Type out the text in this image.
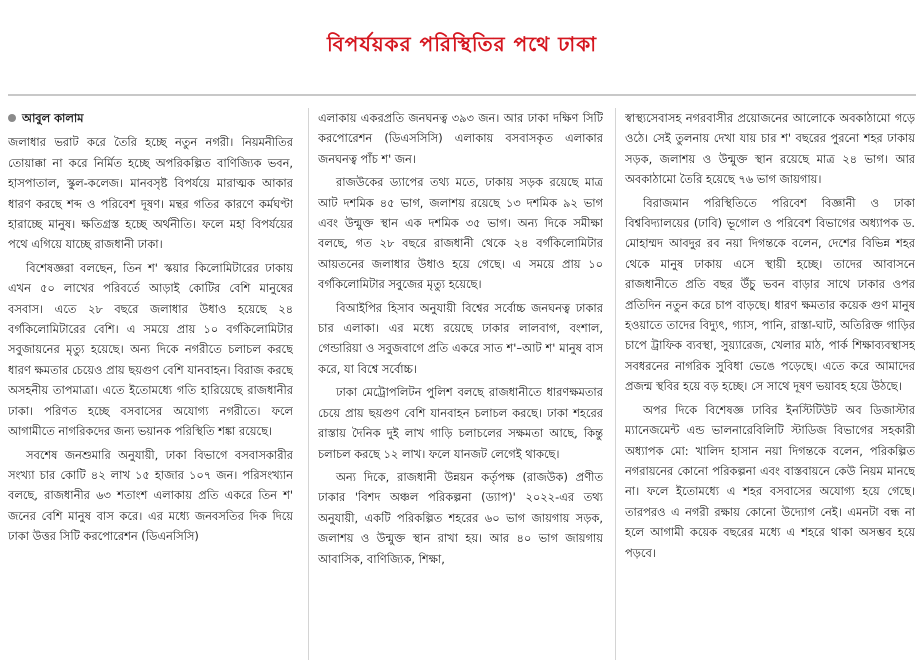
বিপর্যয়কর পরিস্থিতির পথে ঢাকা
আবুল কালাম

জলাধার ভরাট করে তৈরি হচ্ছে নতুন নগরী। নিয়মনীতির তোয়াক্কা না করে নির্মিত হচ্ছে অপরিকল্পিত বাণিজ্যিক ভবন, হাসপাতাল, স্কুল-কলেজ। মানবসৃষ্ট বিপর্যয়ে মারাত্মক আকার ধারণ করছে শব্দ ও পরিবেশ দূষণ। মন্থর গতির কারণে কর্মঘণ্টা হারাচ্ছে মানুষ। ক্ষতিগ্রস্ত হচ্ছে অর্থনীতি। ফলে মহা বিপর্যয়ের পথে এগিয়ে যাচ্ছে রাজধানী ঢাকা।

বিশেষজ্ঞরা বলছেন, তিন শ' স্কয়ার কিলোমিটারের ঢাকায় এখন ৫০ লাখের পরিবর্তে আড়াই কোটির বেশি মানুষের বসবাস। এতে ২৮ বছরে জলাধার উধাও হয়েছে ২৪ বর্গকিলোমিটারের বেশি। এ সময়ে প্রায় ১০ বর্গকিলোমিটার সবুজায়নের মৃত্যু হয়েছে। অন্য দিকে নগরীতে চলাচল করছে ধারণ ক্ষমতার চেয়েও প্রায় ছয়গুণ বেশি যানবাহন। বিরাজ করছে অসহনীয় তাপমাত্রা। এতে ইতোমধ্যে গতি হারিয়েছে রাজধানীর ঢাকা। পরিণত হচ্ছে বসবাসের অযোগ্য নগরীতে। ফলে আগামীতে নাগরিকদের জন্য ভয়ানক পরিস্থিতি শঙ্কা রয়েছে।

সবশেষ জনশুমারি অনুযায়ী, ঢাকা বিভাগে বসবাসকারীর সংখ্যা চার কোটি ৪২ লাখ ১৫ হাজার ১০৭ জন। পরিসংখ্যান বলছে, রাজধানীর ৬৩ শতাংশ এলাকায় প্রতি একরে তিন শ' জনের বেশি মানুষ বাস করে। এর মধ্যে জনবসতির দিক দিয়ে ঢাকা উত্তর সিটি করপোরেশন (ডিএনসিসি)

এলাকায় একরপ্রতি জনঘনত্ব ৩৯৩ জন। আর ঢাকা দক্ষিণ সিটি করপোরেশন (ডিএসসিসি) এলাকায় বসবাসকৃত এলাকার জনঘনত্ব পাঁচ শ' জন।

রাজউকের ড্যাপের তথ্য মতে, ঢাকায় সড়ক রয়েছে মাত্র আট দশমিক ৪৫ ভাগ, জলাশয় রয়েছে ১৩ দশমিক ৯২ ভাগ এবং উন্মুক্ত স্থান এক দশমিক ৩৫ ভাগ। অন্য দিকে সমীক্ষা বলছে, গত ২৮ বছরে রাজধানী থেকে ২৪ বর্গকিলোমিটার আয়তনের জলাধার উধাও হয়ে গেছে। এ সময়ে প্রায় ১০ বর্গকিলোমিটার সবুজের মৃত্যু হয়েছে।

বিআইপির হিসাব অনুযায়ী বিশ্বের সর্বোচ্চ জনঘনত্ব ঢাকার চার এলাকা। এর মধ্যে রয়েছে ঢাকার লালবাগ, বংশাল, গেন্ডারিয়া ও সবুজবাগে প্রতি একরে সাত শ'–আট শ' মানুষ বাস করে, যা বিশ্বে সর্বোচ্চ।

ঢাকা মেট্রোপলিটন পুলিশ বলছে রাজধানীতে ধারণক্ষমতার চেয়ে প্রায় ছয়গুণ বেশি যানবাহন চলাচল করছে। ঢাকা শহরের রাস্তায় দৈনিক দুই লাখ গাড়ি চলাচলের সক্ষমতা আছে, কিন্তু চলাচল করছে ১২ লাখ। ফলে যানজট লেগেই থাকছে।

অন্য দিকে, রাজধানী উন্নয়ন কর্তৃপক্ষ (রাজউক) প্রণীত ঢাকার 'বিশদ অঞ্চল পরিকল্পনা (ড্যাপ)' ২০২২-এর তথ্য অনুযায়ী, একটি পরিকল্পিত শহরের ৬০ ভাগ জায়গায় সড়ক, জলাশয় ও উন্মুক্ত স্থান রাখা হয়। আর ৪০ ভাগ জায়গায় আবাসিক, বাণিজ্যিক, শিক্ষা,

স্বাস্থ্যসেবাসহ নগরবাসীর প্রয়োজনের আলোকে অবকাঠামো গড়ে ওঠে। সেই তুলনায় দেখা যায় চার শ' বছরের পুরনো শহর ঢাকায় সড়ক, জলাশয় ও উন্মুক্ত স্থান রয়েছে মাত্র ২৪ ভাগ। আর অবকাঠামো তৈরি হয়েছে ৭৬ ভাগ জায়গায়।

বিরাজমান পরিস্থিতিতে পরিবেশ বিজ্ঞানী ও ঢাকা বিশ্ববিদ্যালয়ের (ঢাবি) ভূগোল ও পরিবেশ বিভাগের অধ্যাপক ড. মোহাম্মদ আবদুর রব নয়া দিগন্তকে বলেন, দেশের বিভিন্ন শহর থেকে মানুষ ঢাকায় এসে স্থায়ী হচ্ছে। তাদের আবাসনে রাজধানীতে প্রতি বছর উঁচু ভবন বাড়ার সাথে ঢাকার ওপর প্রতিদিন নতুন করে চাপ বাড়ছে। ধারণ ক্ষমতার কয়েক গুণ মানুষ হওয়াতে তাদের বিদ্যুৎ, গ্যাস, পানি, রাস্তা-ঘাট, অতিরিক্ত গাড়ির চাপে ট্রাফিক ব্যবস্থা, সুয়্যারেজ, খেলার মাঠ, পার্ক শিক্ষাব্যবস্থাসহ সবধরনের নাগরিক সুবিধা ভেঙে পড়েছে। এতে করে আমাদের প্রজন্ম স্থবির হয়ে বড় হচ্ছে। সে সাথে দূষণ ভয়াবহ হয়ে উঠছে।

অপর দিকে বিশেষজ্ঞ ঢাবির ইনস্টিটিউট অব ডিজাস্টার ম্যানেজমেন্ট এন্ড ভালনারেবিলিটি স্টাডিজ বিভাগের সহকারী অধ্যাপক মো: খালিদ হাসান নয়া দিগন্তকে বলেন, পরিকল্পিত নগরায়নের কোনো পরিকল্পনা এবং বাস্তবায়নে কেউ নিয়ম মানছে না। ফলে ইতোমধ্যে এ শহর বসবাসের অযোগ্য হয়ে গেছে। তারপরও এ নগরী রক্ষায় কোনো উদ্যোগ নেই। এমনটা বন্ধ না হলে আগামী কয়েক বছরের মধ্যে এ শহরে থাকা অসম্ভব হয়ে পড়বে।
